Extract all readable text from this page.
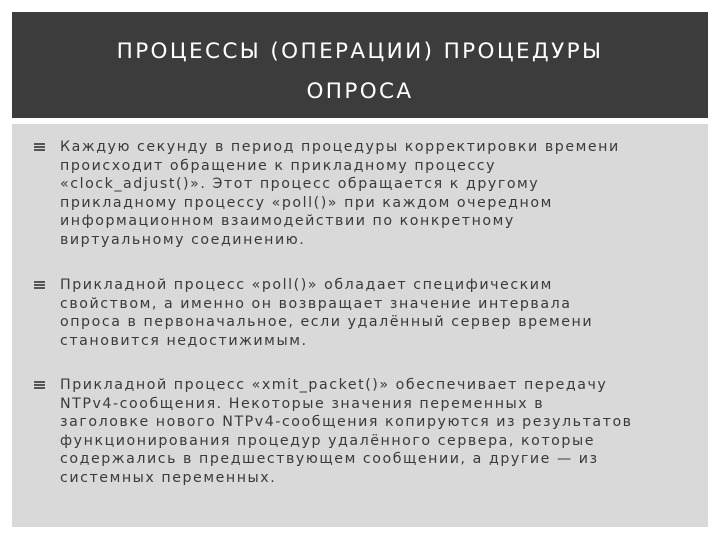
ПРОЦЕССЫ (ОПЕРАЦИИ) ПРОЦЕДУРЫ
ОПРОСА
Каждую секунду в период процедуры корректировки времени
происходит обращение к прикладному процессу
«clock_adjust()». Этот процесс обращается к другому
прикладному процессу «poll()» при каждом очередном
информационном взаимодействии по конкретному
виртуальному соединению.
Прикладной процесс «poll()» обладает специфическим
свойством, а именно он возвращает значение интервала
опроса в первоначальное, если удалённый сервер времени
становится недостижимым.
Прикладной процесс «xmit_packet()» обеспечивает передачу
NTPv4-сообщения. Некоторые значения переменных в
заголовке нового NTPv4-сообщения копируются из результатов
функционирования процедур удалённого сервера, которые
содержались в предшествующем сообщении, а другие — из
системных переменных.
